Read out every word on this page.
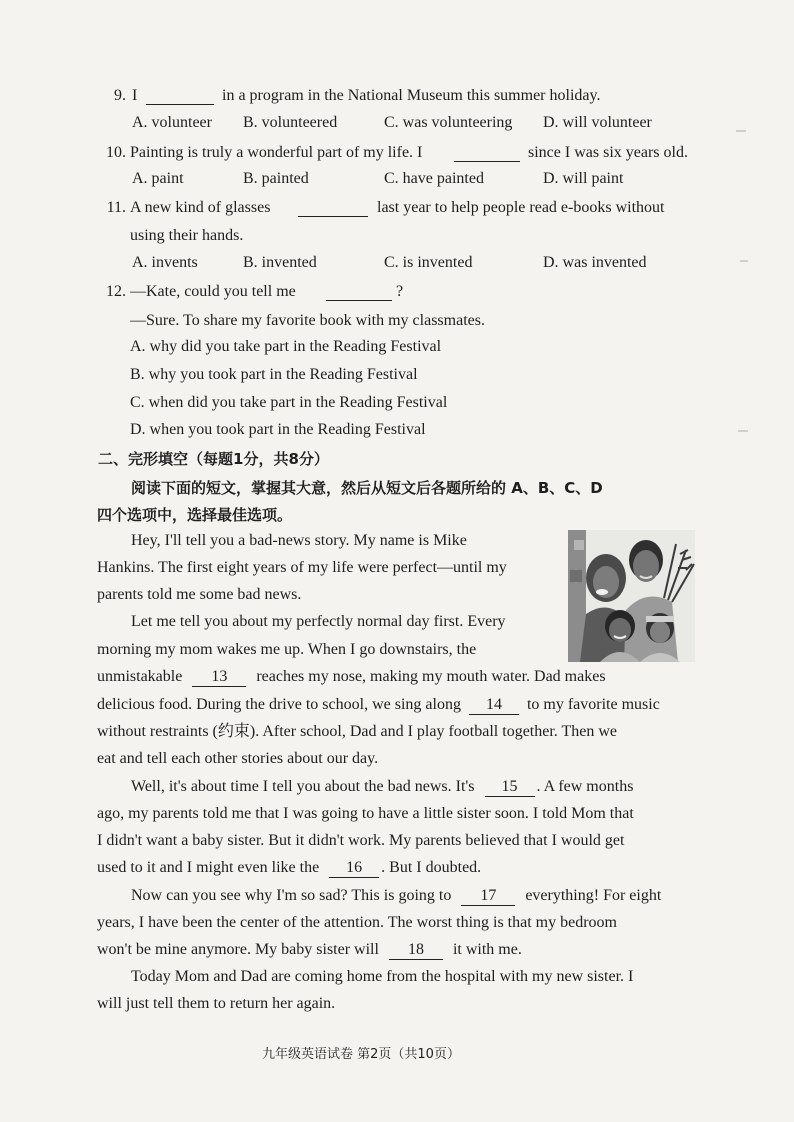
9. I	in a program in the National Museum this summer holiday.
A. volunteer B. volunteered	C. was volunteering D. will volunteer
10. Painting is truly a wonderful part of my life. I	since I was six years old.
A. paint	B. painted	C. have painted	D. will paint
11. A new kind of glasses	last year to help people read e-books without
using their hands.
A. invents	B. invented	C. is invented	D. was invented
12. —Kate, could you tell me	?
—Sure. To share my favorite book with my classmates.
A. why did you take part in the Reading Festival
B. why you took part in the Reading Festival
C. when did you take part in the Reading Festival
D. when you took part in the Reading Festival
二、完形填空（每题1分，共8分）
阅读下面的短文，掌握其大意，然后从短文后各题所给的 A、B、C、D
四个选项中，选择最佳选项。
Hey, I'll tell you a bad-news story. My name is Mike
Hankins. The first eight years of my life were perfect—until my
parents told me some bad news.
Let me tell you about my perfectly normal day first. Every
morning my mom wakes me up. When I go downstairs, the
unmistakable 13 reaches my nose, making my mouth water. Dad makes
delicious food. During the drive to school, we sing along 14 to my favorite music
without restraints (约束). After school, Dad and I play football together. Then we
eat and tell each other stories about our day.
Well, it's about time I tell you about the bad news. It's 15 . A few months
ago, my parents told me that I was going to have a little sister soon. I told Mom that
I didn't want a baby sister. But it didn't work. My parents believed that I would get
used to it and I might even like the 16 . But I doubted.
Now can you see why I'm so sad? This is going to 17 everything! For eight
years, I have been the center of the attention. The worst thing is that my bedroom
won't be mine anymore. My baby sister will 18 it with me.
Today Mom and Dad are coming home from the hospital with my new sister. I
will just tell them to return her again.
九年级英语试卷 第2页（共10页）
